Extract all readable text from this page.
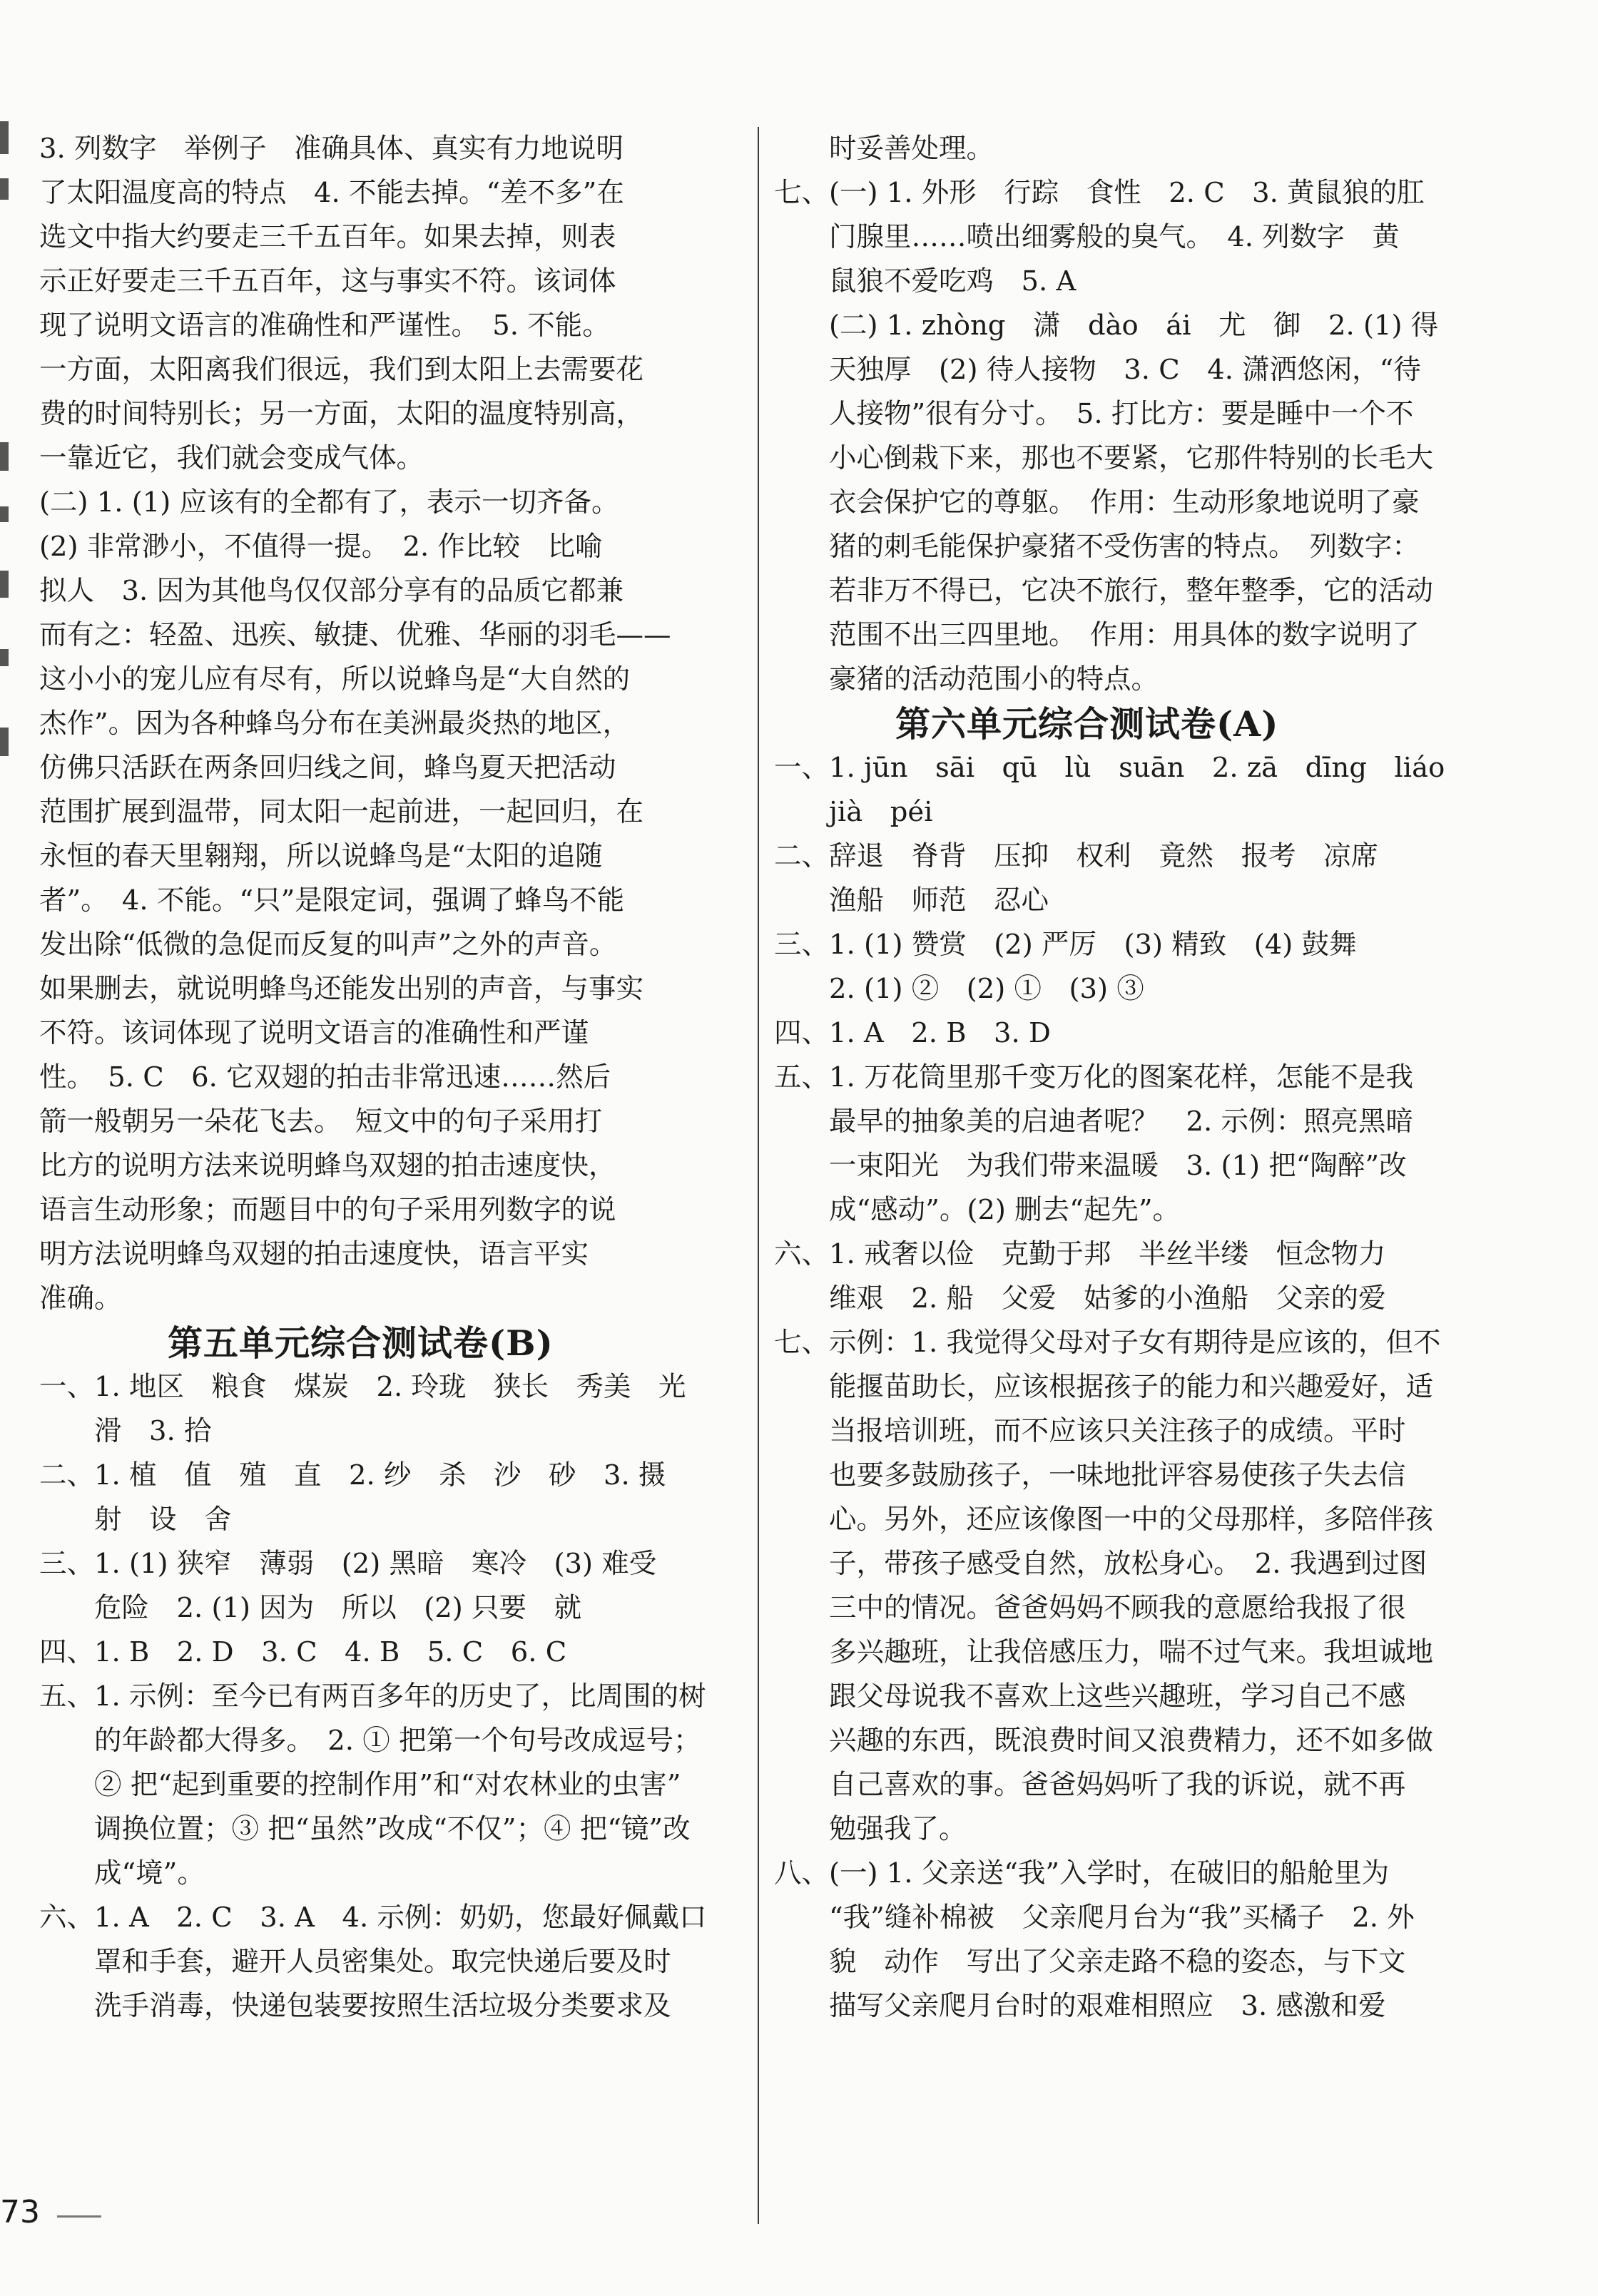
3. 列数字　举例子　准确具体、真实有力地说明
了太阳温度高的特点　4. 不能去掉。“差不多”在
选文中指大约要走三千五百年。如果去掉，则表
示正好要走三千五百年，这与事实不符。该词体
现了说明文语言的准确性和严谨性。　5. 不能。
一方面，太阳离我们很远，我们到太阳上去需要花
费的时间特别长；另一方面，太阳的温度特别高，
一靠近它，我们就会变成气体。
(二) 1. (1) 应该有的全都有了，表示一切齐备。
(2) 非常渺小，不值得一提。　2. 作比较　比喻
拟人　3. 因为其他鸟仅仅部分享有的品质它都兼
而有之：轻盈、迅疾、敏捷、优雅、华丽的羽毛——
这小小的宠儿应有尽有，所以说蜂鸟是“大自然的
杰作”。因为各种蜂鸟分布在美洲最炎热的地区，
仿佛只活跃在两条回归线之间，蜂鸟夏天把活动
范围扩展到温带，同太阳一起前进，一起回归，在
永恒的春天里翱翔，所以说蜂鸟是“太阳的追随
者”。　4. 不能。“只”是限定词，强调了蜂鸟不能
发出除“低微的急促而反复的叫声”之外的声音。
如果删去，就说明蜂鸟还能发出别的声音，与事实
不符。该词体现了说明文语言的准确性和严谨
性。　5. C　6. 它双翅的拍击非常迅速……然后
箭一般朝另一朵花飞去。　短文中的句子采用打
比方的说明方法来说明蜂鸟双翅的拍击速度快，
语言生动形象；而题目中的句子采用列数字的说
明方法说明蜂鸟双翅的拍击速度快，语言平实
准确。
第五单元综合测试卷(B)
一、1. 地区　粮食　煤炭　2. 玲珑　狭长　秀美　光
　　滑　3. 拾
二、1. 植　值　殖　直　2. 纱　杀　沙　砂　3. 摄
　　射　设　舍
三、1. (1) 狭窄　薄弱　(2) 黑暗　寒冷　(3) 难受
　　危险　2. (1) 因为　所以　(2) 只要　就
四、1. B　2. D　3. C　4. B　5. C　6. C
五、1. 示例：至今已有两百多年的历史了，比周围的树
　　的年龄都大得多。　2. ① 把第一个句号改成逗号；
　　② 把“起到重要的控制作用”和“对农林业的虫害”
　　调换位置；③ 把“虽然”改成“不仅”；④ 把“镜”改
　　成“境”。
六、1. A　2. C　3. A　4. 示例：奶奶，您最好佩戴口
　　罩和手套，避开人员密集处。取完快递后要及时
　　洗手消毒，快递包装要按照生活垃圾分类要求及
　　时妥善处理。
七、(一) 1. 外形　行踪　食性　2. C　3. 黄鼠狼的肛
　　门腺里……喷出细雾般的臭气。　4. 列数字　黄
　　鼠狼不爱吃鸡　5. A
　　(二) 1. zhòng　潇　dào　ái　尤　御　2. (1) 得
　　天独厚　(2) 待人接物　3. C　4. 潇洒悠闲，“待
　　人接物”很有分寸。　5. 打比方：要是睡中一个不
　　小心倒栽下来，那也不要紧，它那件特别的长毛大
　　衣会保护它的尊躯。　作用：生动形象地说明了豪
　　猪的刺毛能保护豪猪不受伤害的特点。　列数字：
　　若非万不得已，它决不旅行，整年整季，它的活动
　　范围不出三四里地。　作用：用具体的数字说明了
　　豪猪的活动范围小的特点。
第六单元综合测试卷(A)
一、1. jūn　sāi　qū　lù　suān　2. zā　dīng　liáo
　　jià　péi
二、辞退　脊背　压抑　权利　竟然　报考　凉席
　　渔船　师范　忍心
三、1. (1) 赞赏　(2) 严厉　(3) 精致　(4) 鼓舞
　　2. (1) ②　(2) ①　(3) ③
四、1. A　2. B　3. D
五、1. 万花筒里那千变万化的图案花样，怎能不是我
　　最早的抽象美的启迪者呢？　2. 示例：照亮黑暗
　　一束阳光　为我们带来温暖　3. (1) 把“陶醉”改
　　成“感动”。(2) 删去“起先”。
六、1. 戒奢以俭　克勤于邦　半丝半缕　恒念物力
　　维艰　2. 船　父爱　姑爹的小渔船　父亲的爱
七、示例：1. 我觉得父母对子女有期待是应该的，但不
　　能揠苗助长，应该根据孩子的能力和兴趣爱好，适
　　当报培训班，而不应该只关注孩子的成绩。平时
　　也要多鼓励孩子，一味地批评容易使孩子失去信
　　心。另外，还应该像图一中的父母那样，多陪伴孩
　　子，带孩子感受自然，放松身心。　2. 我遇到过图
　　三中的情况。爸爸妈妈不顾我的意愿给我报了很
　　多兴趣班，让我倍感压力，喘不过气来。我坦诚地
　　跟父母说我不喜欢上这些兴趣班，学习自己不感
　　兴趣的东西，既浪费时间又浪费精力，还不如多做
　　自己喜欢的事。爸爸妈妈听了我的诉说，就不再
　　勉强我了。
八、(一) 1. 父亲送“我”入学时，在破旧的船舱里为
　　“我”缝补棉被　父亲爬月台为“我”买橘子　2. 外
　　貌　动作　写出了父亲走路不稳的姿态，与下文
　　描写父亲爬月台时的艰难相照应　3. 感激和爱
73
